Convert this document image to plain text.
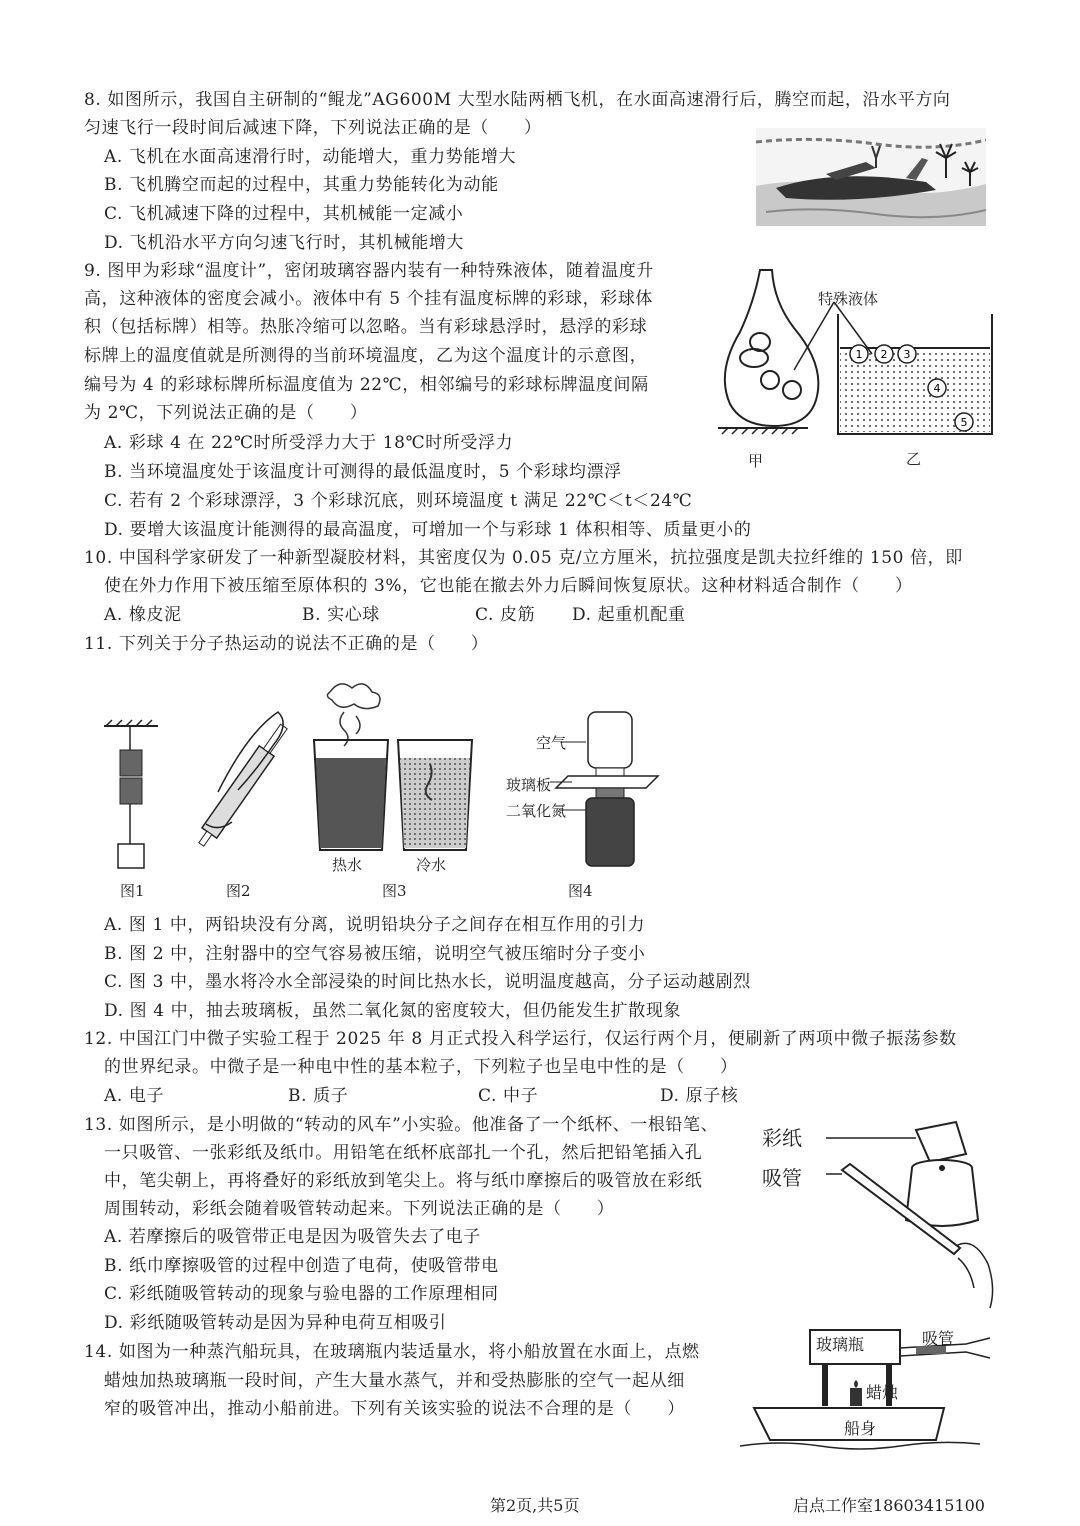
8. 如图所示，我国自主研制的“鲲龙”AG600M 大型水陆两栖飞机，在水面高速滑行后，腾空而起，沿水平方向
匀速飞行一段时间后减速下降，下列说法正确的是（　　）
A. 飞机在水面高速滑行时，动能增大，重力势能增大
B. 飞机腾空而起的过程中，其重力势能转化为动能
C. 飞机减速下降的过程中，其机械能一定减小
D. 飞机沿水平方向匀速飞行时，其机械能增大
9. 图甲为彩球“温度计”，密闭玻璃容器内装有一种特殊液体，随着温度升
高，这种液体的密度会减小。液体中有 5 个挂有温度标牌的彩球，彩球体
积（包括标牌）相等。热胀冷缩可以忽略。当有彩球悬浮时，悬浮的彩球
标牌上的温度值就是所测得的当前环境温度，乙为这个温度计的示意图，
编号为 4 的彩球标牌所标温度值为 22℃，相邻编号的彩球标牌温度间隔
为 2℃，下列说法正确的是（　　）
A. 彩球 4 在 22℃时所受浮力大于 18℃时所受浮力
B. 当环境温度处于该温度计可测得的最低温度时，5 个彩球均漂浮
C. 若有 2 个彩球漂浮，3 个彩球沉底，则环境温度 t 满足 22℃＜t＜24℃
D. 要增大该温度计能测得的最高温度，可增加一个与彩球 1 体积相等、质量更小的
1 2 3
4
5
特殊液体
甲	乙
10. 中国科学家研发了一种新型凝胶材料，其密度仅为 0.05 克/立方厘米，抗拉强度是凯夫拉纤维的 150 倍，即
使在外力作用下被压缩至原体积的 3%，它也能在撤去外力后瞬间恢复原状。这种材料适合制作（　　）
A. 橡皮泥	B. 实心球	C. 皮筋 D. 起重机配重
11. 下列关于分子热运动的说法不正确的是（　　）
图1	图2
热水	冷水
图3
空气
玻璃板
二氧化氮
图4
A. 图 1 中，两铅块没有分离，说明铅块分子之间存在相互作用的引力
B. 图 2 中，注射器中的空气容易被压缩，说明空气被压缩时分子变小
C. 图 3 中，墨水将冷水全部浸染的时间比热水长，说明温度越高，分子运动越剧烈
D. 图 4 中，抽去玻璃板，虽然二氧化氮的密度较大，但仍能发生扩散现象
12. 中国江门中微子实验工程于 2025 年 8 月正式投入科学运行，仅运行两个月，便刷新了两项中微子振荡参数
的世界纪录。中微子是一种电中性的基本粒子，下列粒子也呈电中性的是（　　）
A. 电子	B. 质子	C. 中子	D. 原子核
13. 如图所示，是小明做的“转动的风车”小实验。他准备了一个纸杯、一根铅笔、
一只吸管、一张彩纸及纸巾。用铅笔在纸杯底部扎一个孔，然后把铅笔插入孔
中，笔尖朝上，再将叠好的彩纸放到笔尖上。将与纸巾摩擦后的吸管放在彩纸
周围转动，彩纸会随着吸管转动起来。下列说法正确的是（　　）
A. 若摩擦后的吸管带正电是因为吸管失去了电子
B. 纸巾摩擦吸管的过程中创造了电荷，使吸管带电
C. 彩纸随吸管转动的现象与验电器的工作原理相同
D. 彩纸随吸管转动是因为异种电荷互相吸引
彩纸
吸管
14. 如图为一种蒸汽船玩具，在玻璃瓶内装适量水，将小船放置在水面上，点燃
蜡烛加热玻璃瓶一段时间，产生大量水蒸气，并和受热膨胀的空气一起从细
窄的吸管冲出，推动小船前进。下列有关该实验的说法不合理的是（　　）
玻璃瓶	吸管
蜡烛
船身
第2页,共5页	启点工作室18603415100
